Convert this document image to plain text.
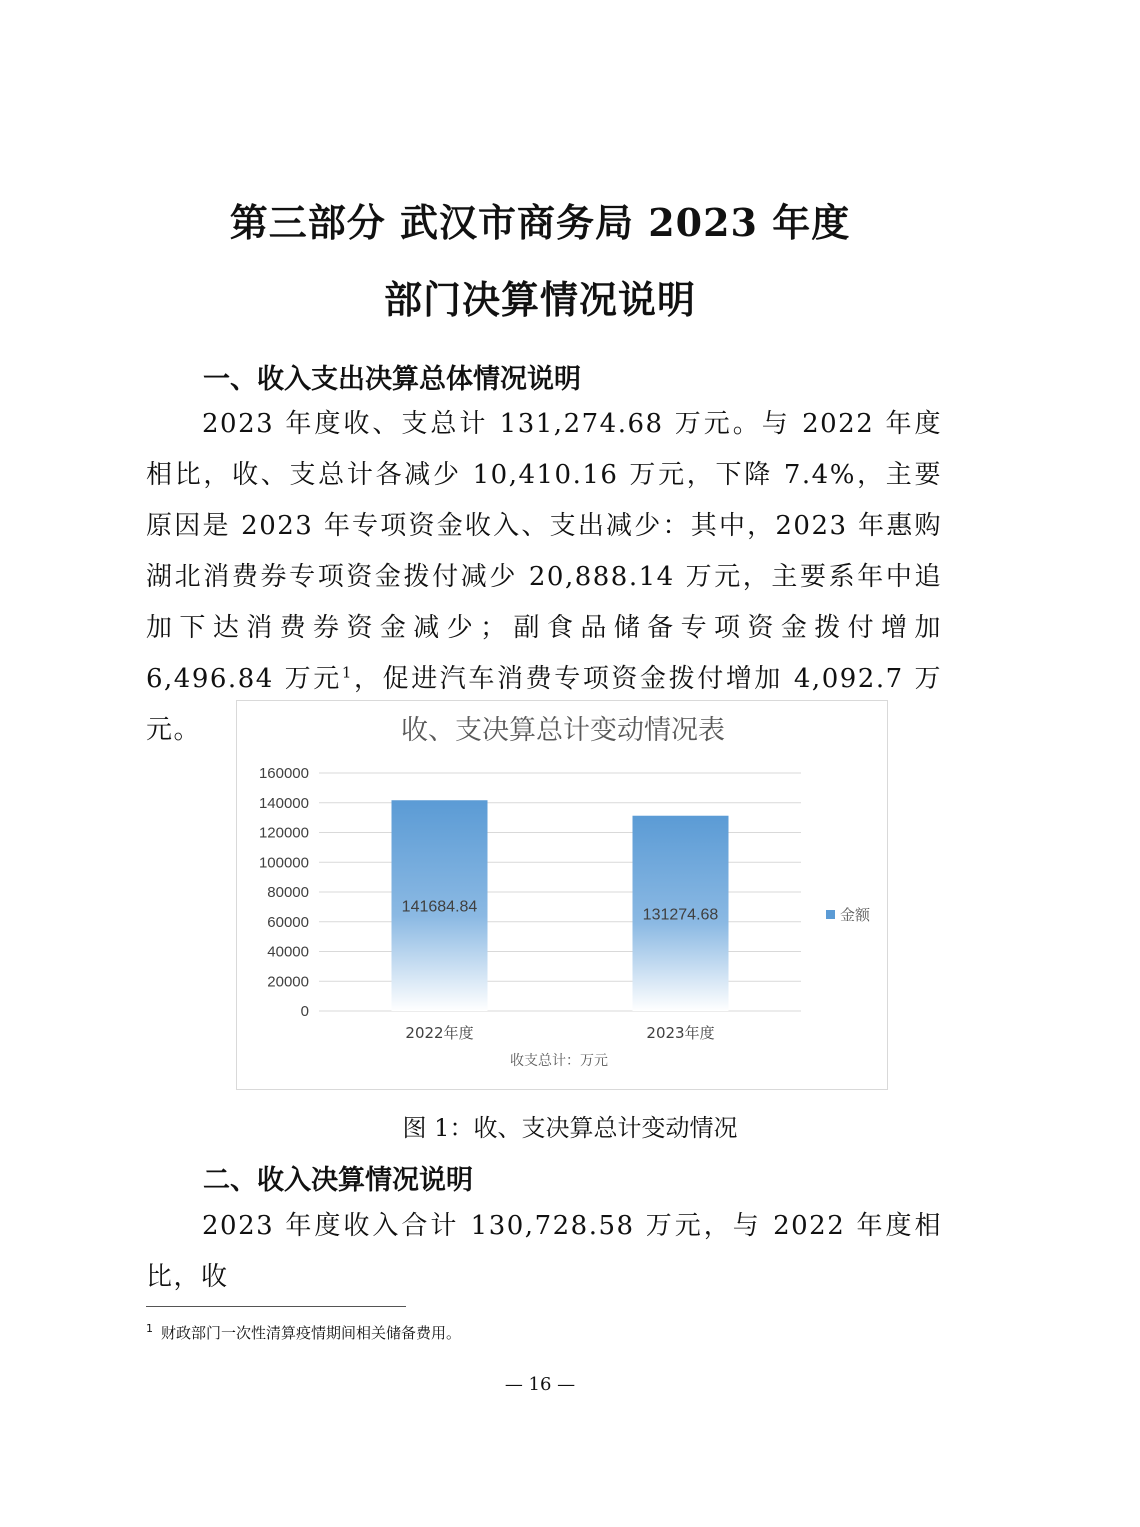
第三部分 武汉市商务局 2023 年度
部门决算情况说明
一、收入支出决算总体情况说明

2023 年度收、支总计 131,274.68 万元。与 2022 年度相比，收、支总计各减少 10,410.16 万元，下降 7.4%，主要原因是 2023 年专项资金收入、支出减少：其中，2023 年惠购湖北消费券专项资金拨付减少 20,888.14 万元，主要系年中追加下达消费券资金减少；副食品储备专项资金拨付增加 6,496.84 万元$^1$，促进汽车消费专项资金拨付增加 4,092.7 万元。	收、支决算总计变动情况表
0
20000
40000
60000
80000
100000
120000
140000
160000
141684.84
2022年度
131274.68
2023年度
收支总计：万元
金额

图 1：收、支决算总计变动情况

二、收入决算情况说明

2023 年度收入合计 130,728.58 万元，与 2022 年度相比，收

$^1$ 财政部门一次性清算疫情期间相关储备费用。

— 16 —
